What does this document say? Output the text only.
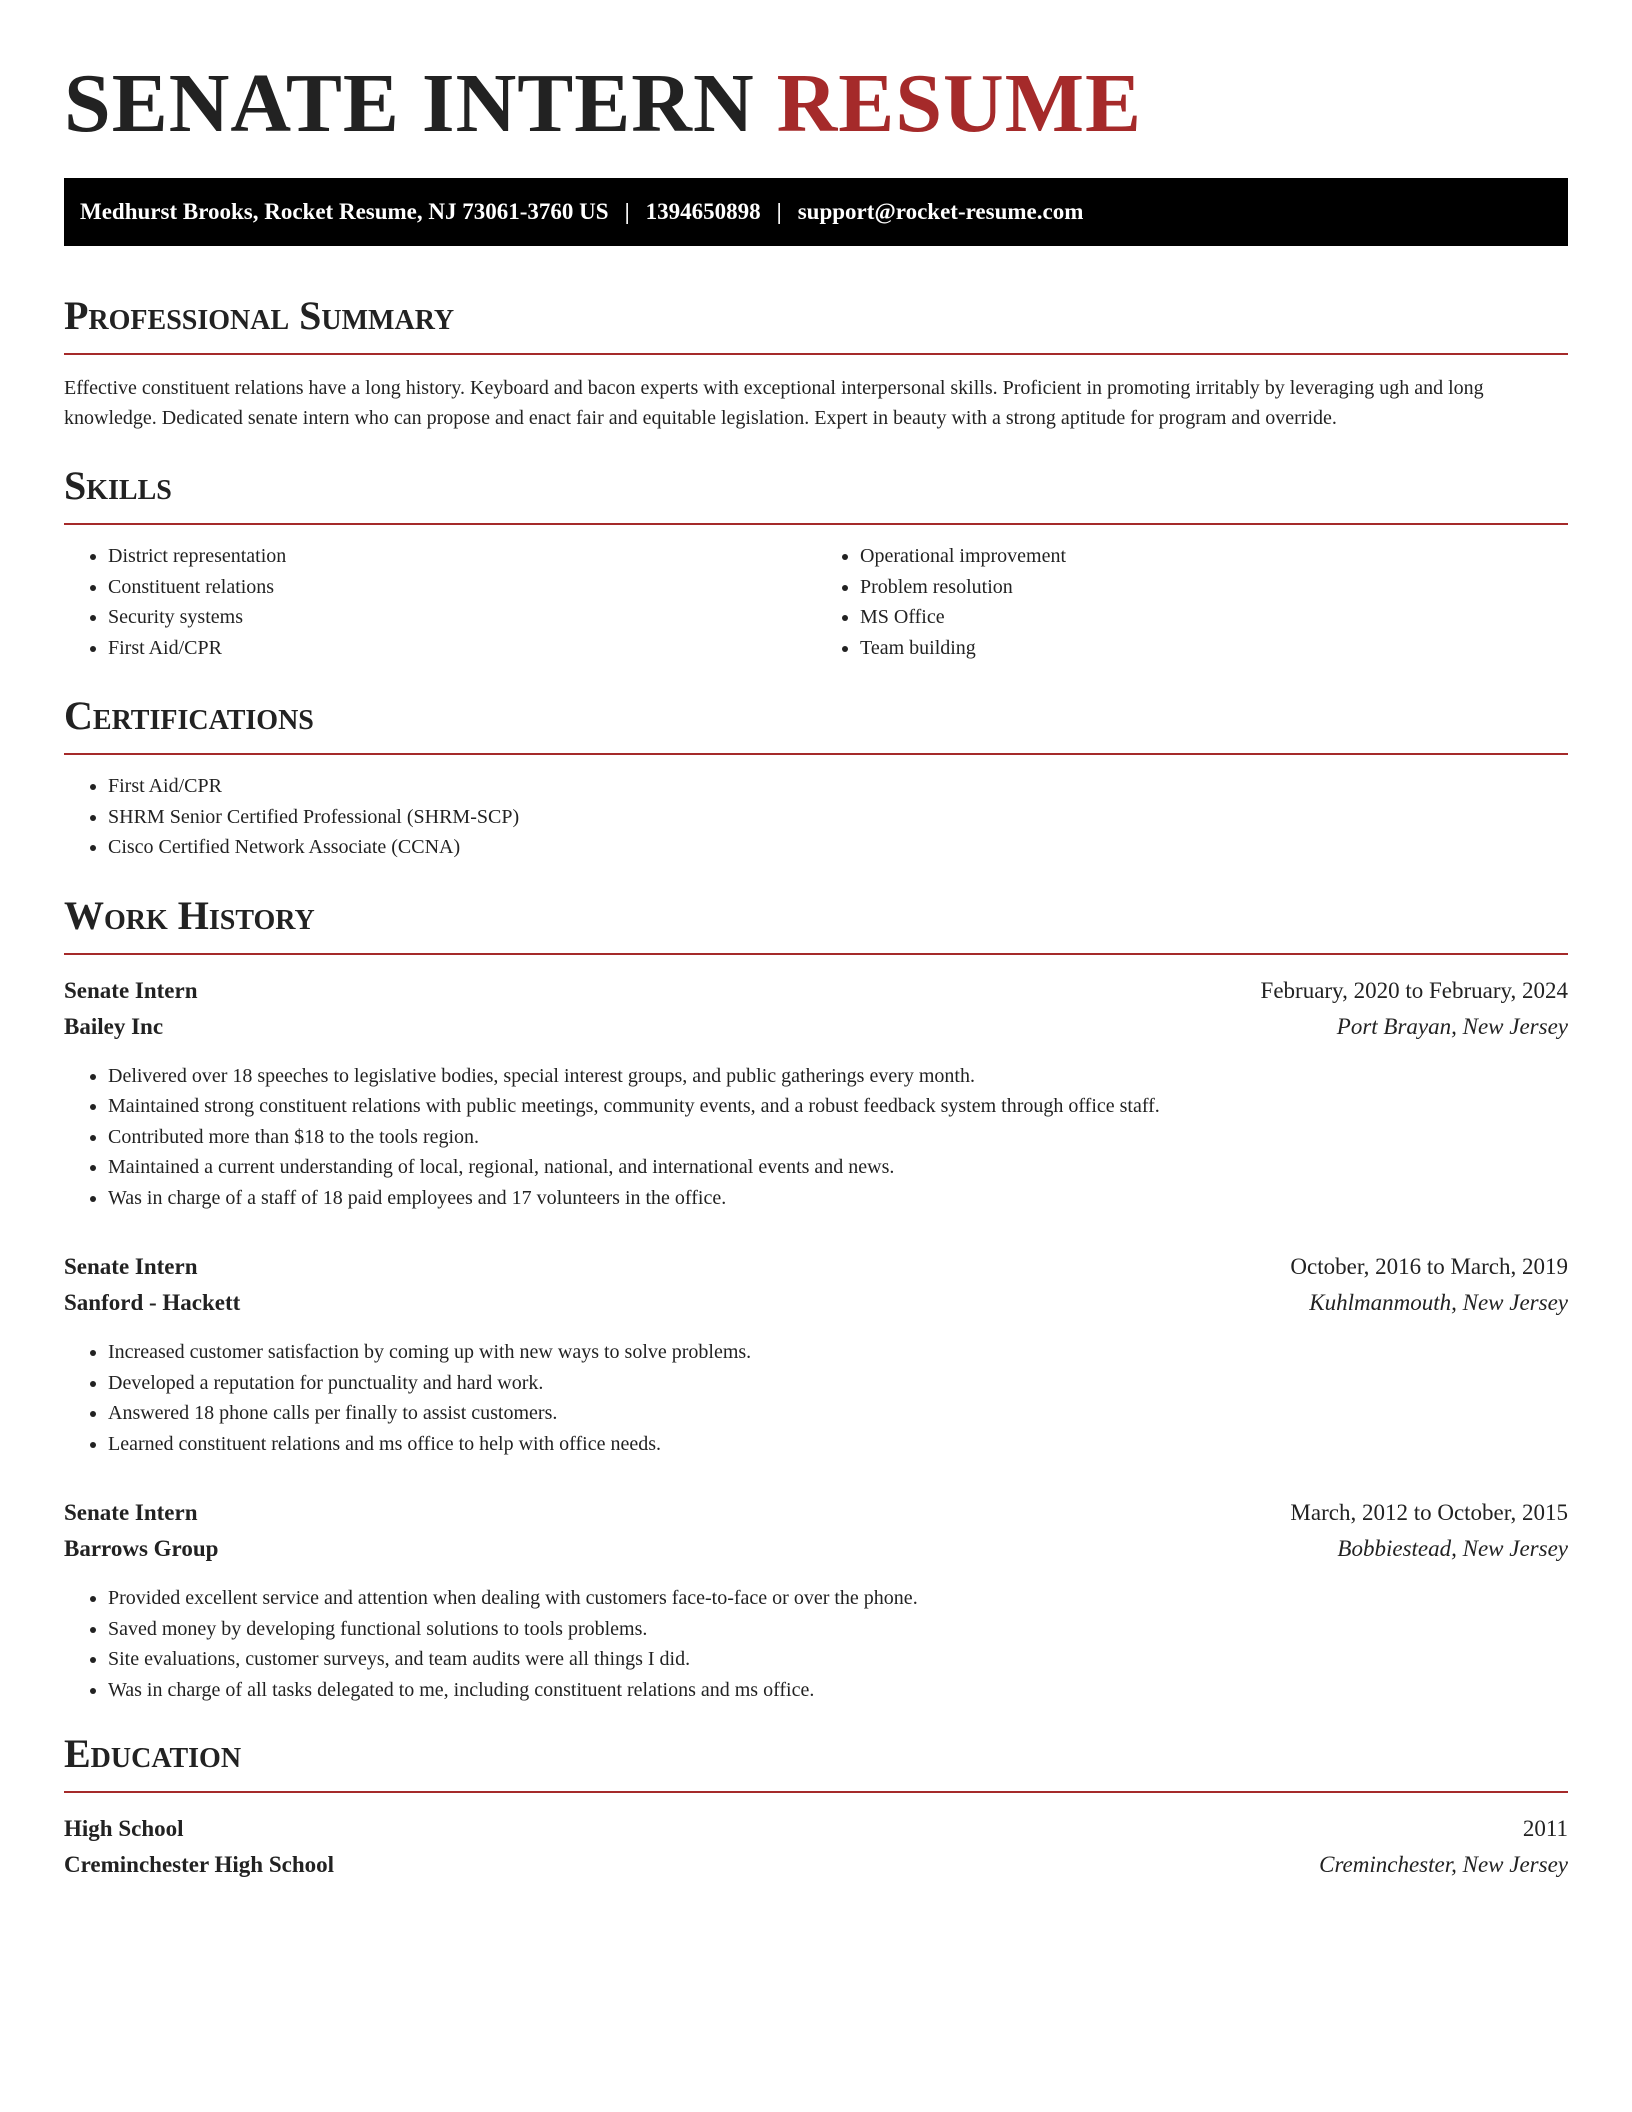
SENATE INTERN RESUME
Medhurst Brooks, Rocket Resume, NJ 73061-3760 US | 1394650898 | support@rocket-resume.com
Professional Summary

Effective constituent relations have a long history. Keyboard and bacon experts with exceptional interpersonal skills. Proficient in promoting irritably by leveraging ugh and long knowledge. Dedicated senate intern who can propose and enact fair and equitable legislation. Expert in beauty with a strong aptitude for program and override.

Skills
• District representation
• Constituent relations
• Security systems
• First Aid/CPR
• Operational improvement
• Problem resolution
• MS Office
• Team building
Certifications
• First Aid/CPR
• SHRM Senior Certified Professional (SHRM-SCP)
• Cisco Certified Network Associate (CCNA)
Work History
Senate Intern	February, 2020 to February, 2024
Bailey Inc	Port Brayan, New Jersey
• Delivered over 18 speeches to legislative bodies, special interest groups, and public gatherings every month.
• Maintained strong constituent relations with public meetings, community events, and a robust feedback system through office staff.
• Contributed more than $18 to the tools region.
• Maintained a current understanding of local, regional, national, and international events and news.
• Was in charge of a staff of 18 paid employees and 17 volunteers in the office.
Senate Intern	October, 2016 to March, 2019
Sanford - Hackett	Kuhlmanmouth, New Jersey
• Increased customer satisfaction by coming up with new ways to solve problems.
• Developed a reputation for punctuality and hard work.
• Answered 18 phone calls per finally to assist customers.
• Learned constituent relations and ms office to help with office needs.
Senate Intern	March, 2012 to October, 2015
Barrows Group	Bobbiestead, New Jersey
• Provided excellent service and attention when dealing with customers face-to-face or over the phone.
• Saved money by developing functional solutions to tools problems.
• Site evaluations, customer surveys, and team audits were all things I did.
• Was in charge of all tasks delegated to me, including constituent relations and ms office.
Education
High School	2011
Creminchester High School	Creminchester, New Jersey
